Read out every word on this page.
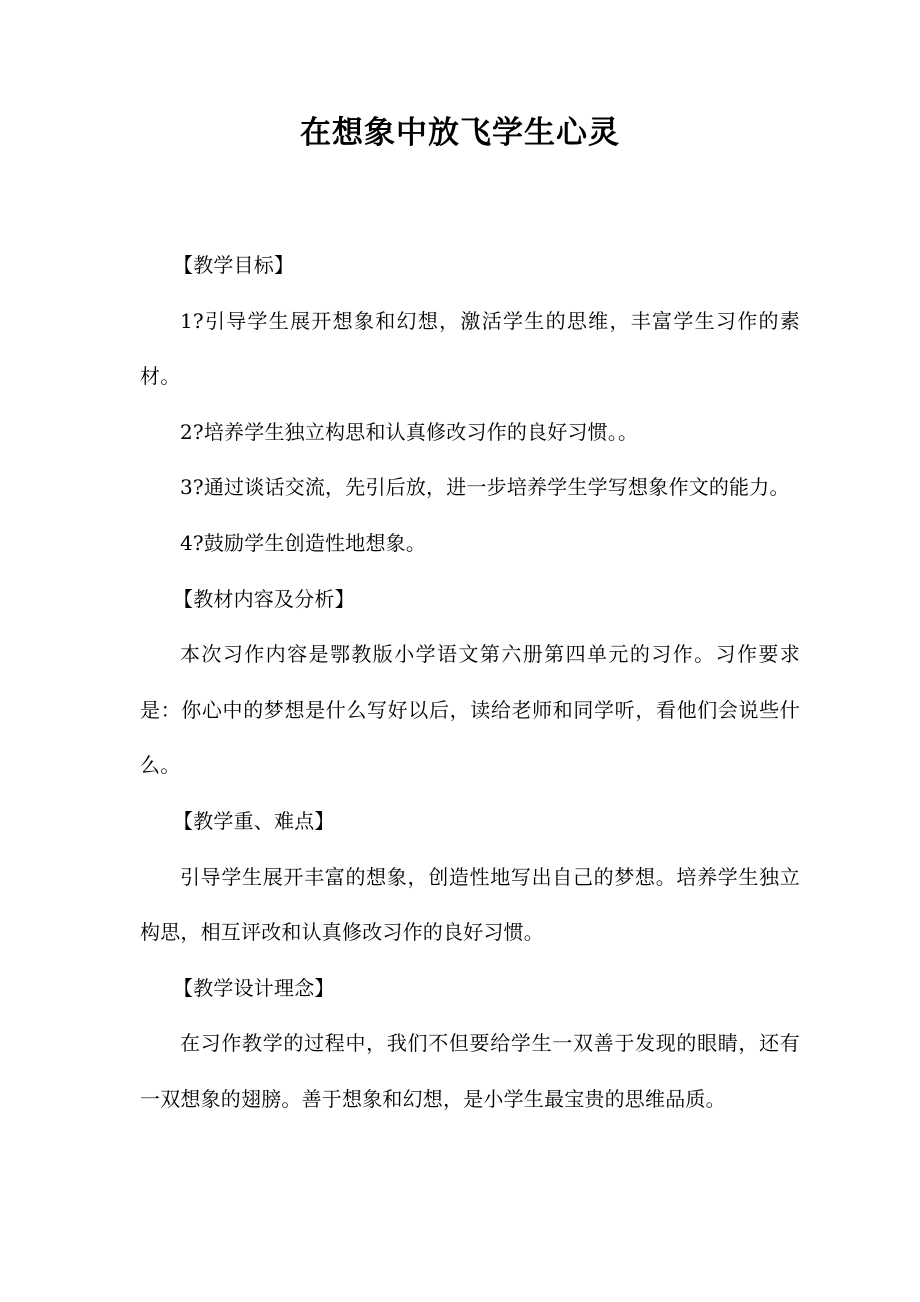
在想象中放飞学生心灵

【教学目标】

1?引导学生展开想象和幻想，激活学生的思维，丰富学生习作的素材。

2?培养学生独立构思和认真修改习作的良好习惯。。

3?通过谈话交流，先引后放，进一步培养学生学写想象作文的能力。

4?鼓励学生创造性地想象。

【教材内容及分析】

本次习作内容是鄂教版小学语文第六册第四单元的习作。习作要求是：你心中的梦想是什么写好以后，读给老师和同学听，看他们会说些什么。

【教学重、难点】

引导学生展开丰富的想象，创造性地写出自己的梦想。培养学生独立构思，相互评改和认真修改习作的良好习惯。

【教学设计理念】

在习作教学的过程中，我们不但要给学生一双善于发现的眼睛，还有一双想象的翅膀。善于想象和幻想，是小学生最宝贵的思维品质。
